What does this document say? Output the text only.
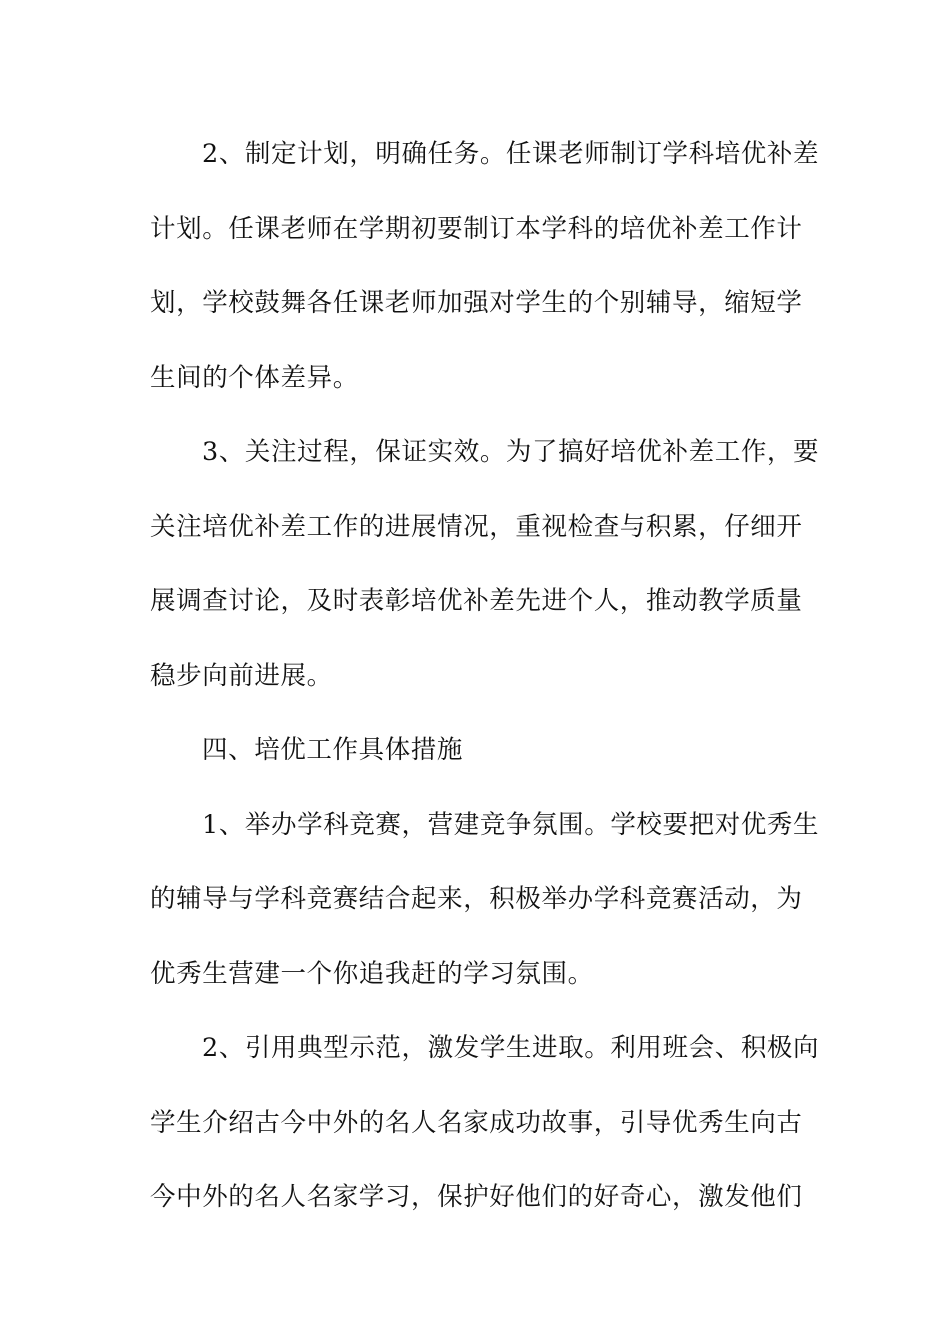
2、制定计划，明确任务。任课老师制订学科培优补差
计划。任课老师在学期初要制订本学科的培优补差工作计
划，学校鼓舞各任课老师加强对学生的个别辅导，缩短学
生间的个体差异。
3、关注过程，保证实效。为了搞好培优补差工作，要
关注培优补差工作的进展情况，重视检查与积累，仔细开
展调查讨论，及时表彰培优补差先进个人，推动教学质量
稳步向前进展。
四、培优工作具体措施
1、举办学科竞赛，营建竞争氛围。学校要把对优秀生
的辅导与学科竞赛结合起来，积极举办学科竞赛活动，为
优秀生营建一个你追我赶的学习氛围。
2、引用典型示范，激发学生进取。利用班会、积极向
学生介绍古今中外的名人名家成功故事，引导优秀生向古
今中外的名人名家学习，保护好他们的好奇心，激发他们
